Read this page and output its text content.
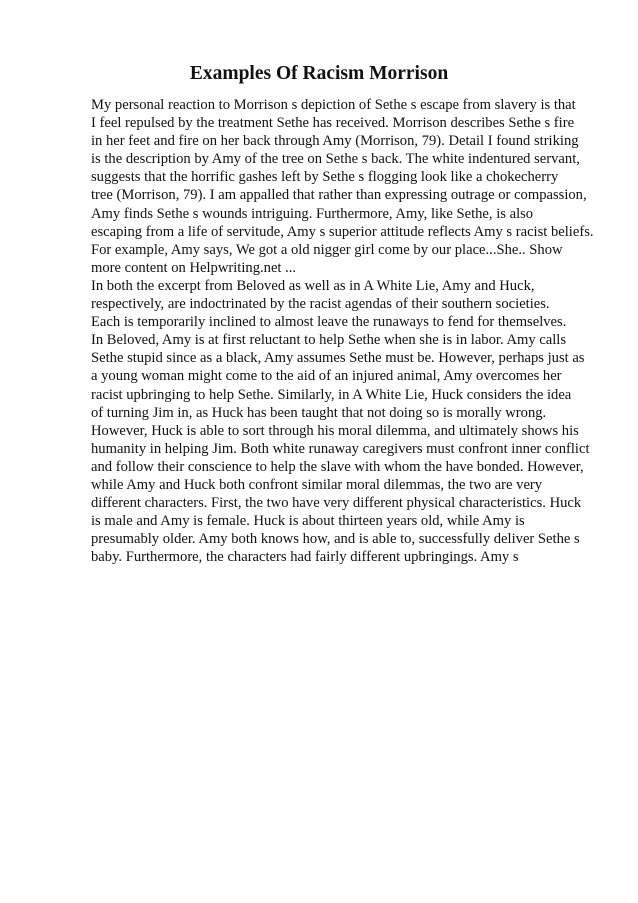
Examples Of Racism Morrison
My personal reaction to Morrison s depiction of Sethe s escape from slavery is that
I feel repulsed by the treatment Sethe has received. Morrison describes Sethe s fire
in her feet and fire on her back through Amy (Morrison, 79). Detail I found striking
is the description by Amy of the tree on Sethe s back. The white indentured servant,
suggests that the horrific gashes left by Sethe s flogging look like a chokecherry
tree (Morrison, 79). I am appalled that rather than expressing outrage or compassion,
Amy finds Sethe s wounds intriguing. Furthermore, Amy, like Sethe, is also
escaping from a life of servitude, Amy s superior attitude reflects Amy s racist beliefs.
For example, Amy says, We got a old nigger girl come by our place...She.. Show
more content on Helpwriting.net ...
In both the excerpt from Beloved as well as in A White Lie, Amy and Huck,
respectively, are indoctrinated by the racist agendas of their southern societies.
Each is temporarily inclined to almost leave the runaways to fend for themselves.
In Beloved, Amy is at first reluctant to help Sethe when she is in labor. Amy calls
Sethe stupid since as a black, Amy assumes Sethe must be. However, perhaps just as
a young woman might come to the aid of an injured animal, Amy overcomes her
racist upbringing to help Sethe. Similarly, in A White Lie, Huck considers the idea
of turning Jim in, as Huck has been taught that not doing so is morally wrong.
However, Huck is able to sort through his moral dilemma, and ultimately shows his
humanity in helping Jim. Both white runaway caregivers must confront inner conflict
and follow their conscience to help the slave with whom the have bonded. However,
while Amy and Huck both confront similar moral dilemmas, the two are very
different characters. First, the two have very different physical characteristics. Huck
is male and Amy is female. Huck is about thirteen years old, while Amy is
presumably older. Amy both knows how, and is able to, successfully deliver Sethe s
baby. Furthermore, the characters had fairly different upbringings. Amy s
